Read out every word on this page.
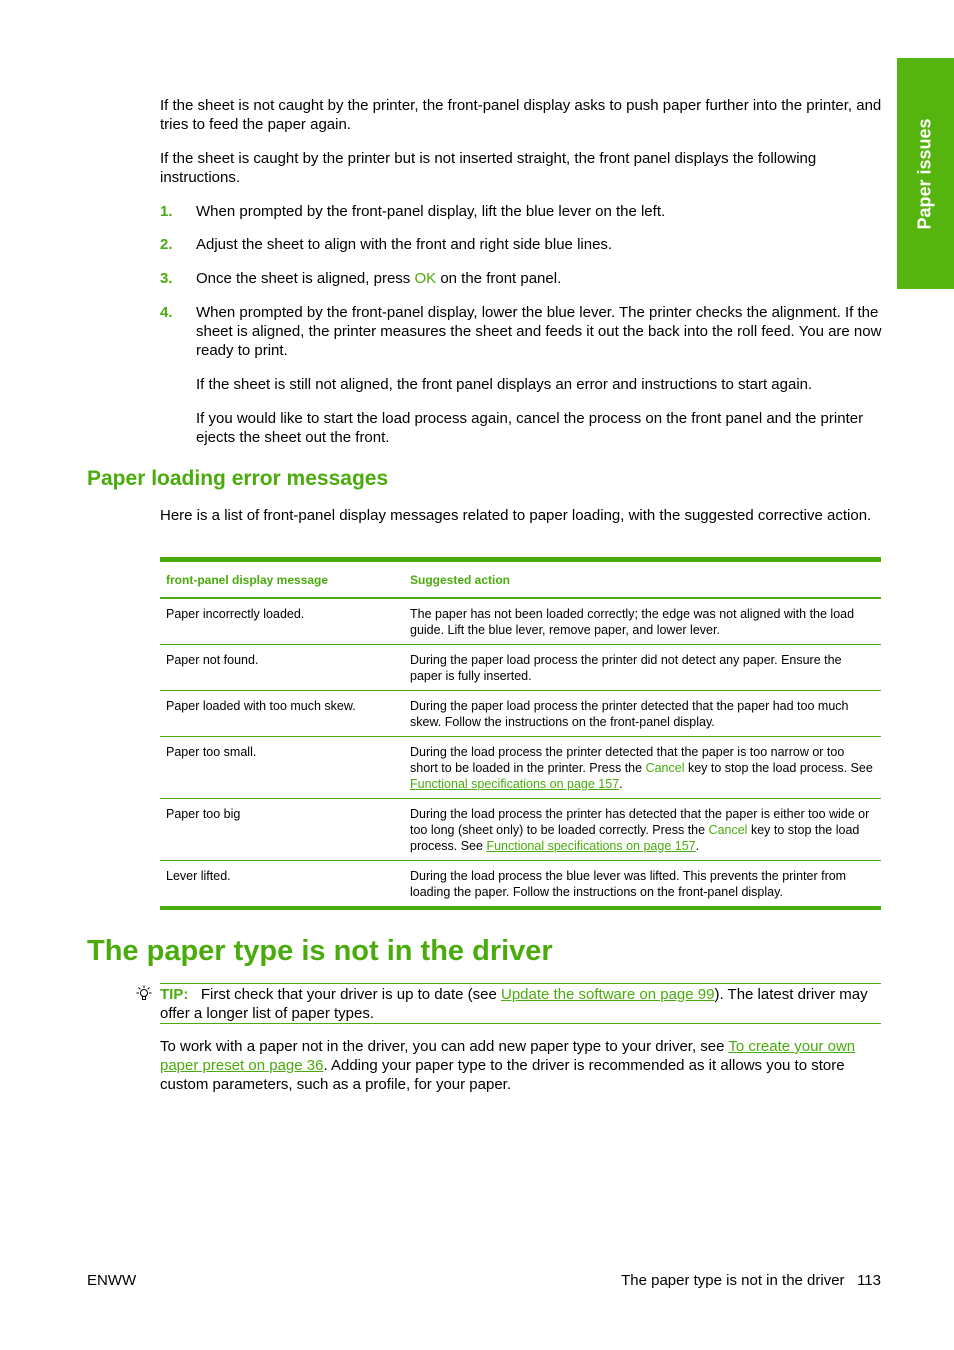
Paper issues

If the sheet is not caught by the printer, the front-panel display asks to push paper further into the printer, and tries to feed the paper again.

If the sheet is caught by the printer but is not inserted straight, the front panel displays the following instructions.

1. When prompted by the front-panel display, lift the blue lever on the left.
2. Adjust the sheet to align with the front and right side blue lines.
3. Once the sheet is aligned, press OK on the front panel.
4. When prompted by the front-panel display, lower the blue lever. The printer checks the alignment. If the sheet is aligned, the printer measures the sheet and feeds it out the back into the roll feed. You are now ready to print.

If the sheet is still not aligned, the front panel displays an error and instructions to start again.

If you would like to start the load process again, cancel the process on the front panel and the printer ejects the sheet out the front.

Paper loading error messages

Here is a list of front-panel display messages related to paper loading, with the suggested corrective action.

front-panel display message	Suggested action
Paper incorrectly loaded.	The paper has not been loaded correctly; the edge was not aligned with the load guide. Lift the blue lever, remove paper, and lower lever.
Paper not found.	During the paper load process the printer did not detect any paper. Ensure the paper is fully inserted.
Paper loaded with too much skew.	During the paper load process the printer detected that the paper had too much skew. Follow the instructions on the front-panel display.
Paper too small.	During the load process the printer detected that the paper is too narrow or too short to be loaded in the printer. Press the Cancel key to stop the load process. See Functional specifications on page 157.
Paper too big	During the load process the printer has detected that the paper is either too wide or too long (sheet only) to be loaded correctly. Press the Cancel key to stop the load process. See Functional specifications on page 157.
Lever lifted.	During the load process the blue lever was lifted. This prevents the printer from loading the paper. Follow the instructions on the front-panel display.
The paper type is not in the driver
TIP: First check that your driver is up to date (see Update the software on page 99). The latest driver may offer a longer list of paper types.

To work with a paper not in the driver, you can add new paper type to your driver, see To create your own paper preset on page 36. Adding your paper type to the driver is recommended as it allows you to store custom parameters, such as a profile, for your paper.

ENWW	The paper type is not in the driver 113
